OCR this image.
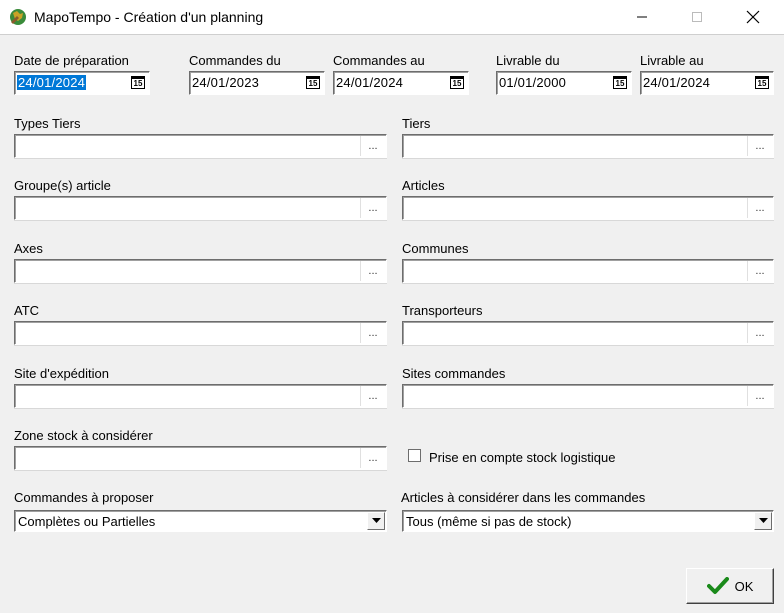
MapoTempo - Création d'un planning
Date de préparation
24/01/2024	15
Commandes du
24/01/2023	15
Commandes au
24/01/2024	15
Livrable du
01/01/2000	15
Livrable au
24/01/2024	15
Types Tiers
...
Tiers
...
Groupe(s) article
...
Articles
...
Axes
...
Communes
...
ATC
...
Transporteurs
...
Site d'expédition
...
Sites commandes
...
Zone stock à considérer
...	Prise en compte stock logistique
Commandes à proposer
Complètes ou Partielles
Articles à considérer dans les commandes
Tous (même si pas de stock)
OK
